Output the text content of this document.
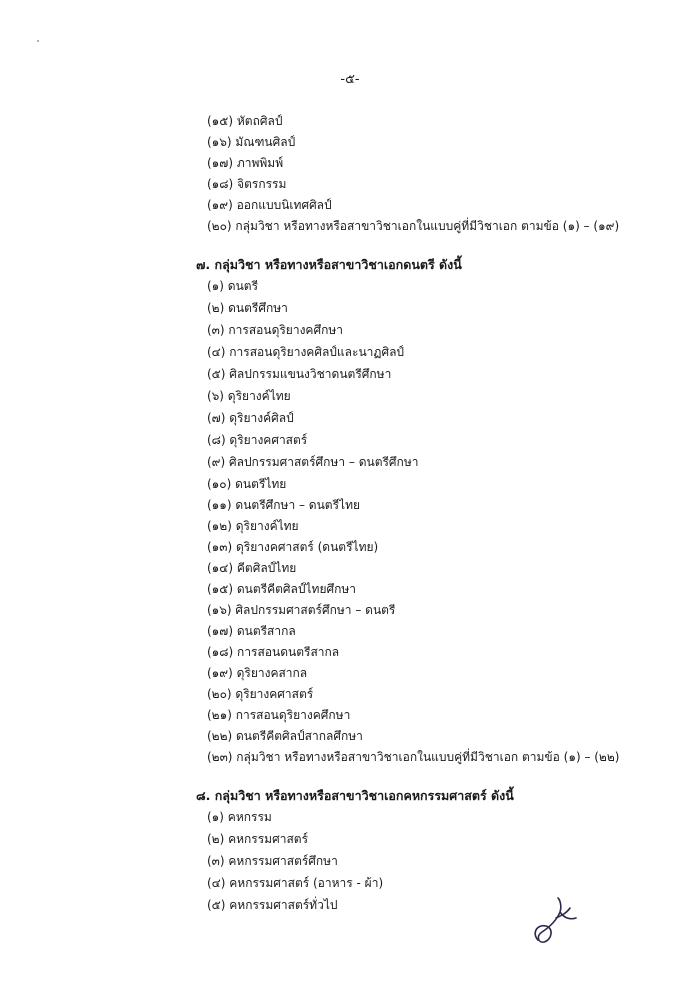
-๕-
(๑๕) หัตถศิลป์
(๑๖) มัณฑนศิลป์
(๑๗) ภาพพิมพ์
(๑๘) จิตรกรรม
(๑๙) ออกแบบนิเทศศิลป์
(๒๐) กลุ่มวิชา หรือทางหรือสาขาวิชาเอกในแบบคู่ที่มีวิชาเอก ตามข้อ (๑) – (๑๙)
๗. กลุ่มวิชา หรือทางหรือสาขาวิชาเอกดนตรี ดังนี้
(๑) ดนตรี
(๒) ดนตรีศึกษา
(๓) การสอนดุริยางคศึกษา
(๔) การสอนดุริยางคศิลป์และนาฏศิลป์
(๕) ศิลปกรรมแขนงวิชาดนตรีศึกษา
(๖) ดุริยางค์ไทย
(๗) ดุริยางค์ศิลป์
(๘) ดุริยางคศาสตร์
(๙) ศิลปกรรมศาสตร์ศึกษา – ดนตรีศึกษา
(๑๐) ดนตรีไทย
(๑๑) ดนตรีศึกษา – ดนตรีไทย
(๑๒) ดุริยางค์ไทย
(๑๓) ดุริยางคศาสตร์ (ดนตรีไทย)
(๑๔) คีตศิลป์ไทย
(๑๕) ดนตรีคีตศิลป์ไทยศึกษา
(๑๖) ศิลปกรรมศาสตร์ศึกษา – ดนตรี
(๑๗) ดนตรีสากล
(๑๘) การสอนดนตรีสากล
(๑๙) ดุริยางคสากล
(๒๐) ดุริยางคศาสตร์
(๒๑) การสอนดุริยางคศึกษา
(๒๒) ดนตรีคีตศิลป์สากลศึกษา
(๒๓) กลุ่มวิชา หรือทางหรือสาขาวิชาเอกในแบบคู่ที่มีวิชาเอก ตามข้อ (๑) – (๒๒)
๘. กลุ่มวิชา หรือทางหรือสาขาวิชาเอกคหกรรมศาสตร์ ดังนี้
(๑) คหกรรม
(๒) คหกรรมศาสตร์
(๓) คหกรรมศาสตร์ศึกษา
(๔) คหกรรมศาสตร์ (อาหาร - ผ้า)
(๕) คหกรรมศาสตร์ทั่วไป
